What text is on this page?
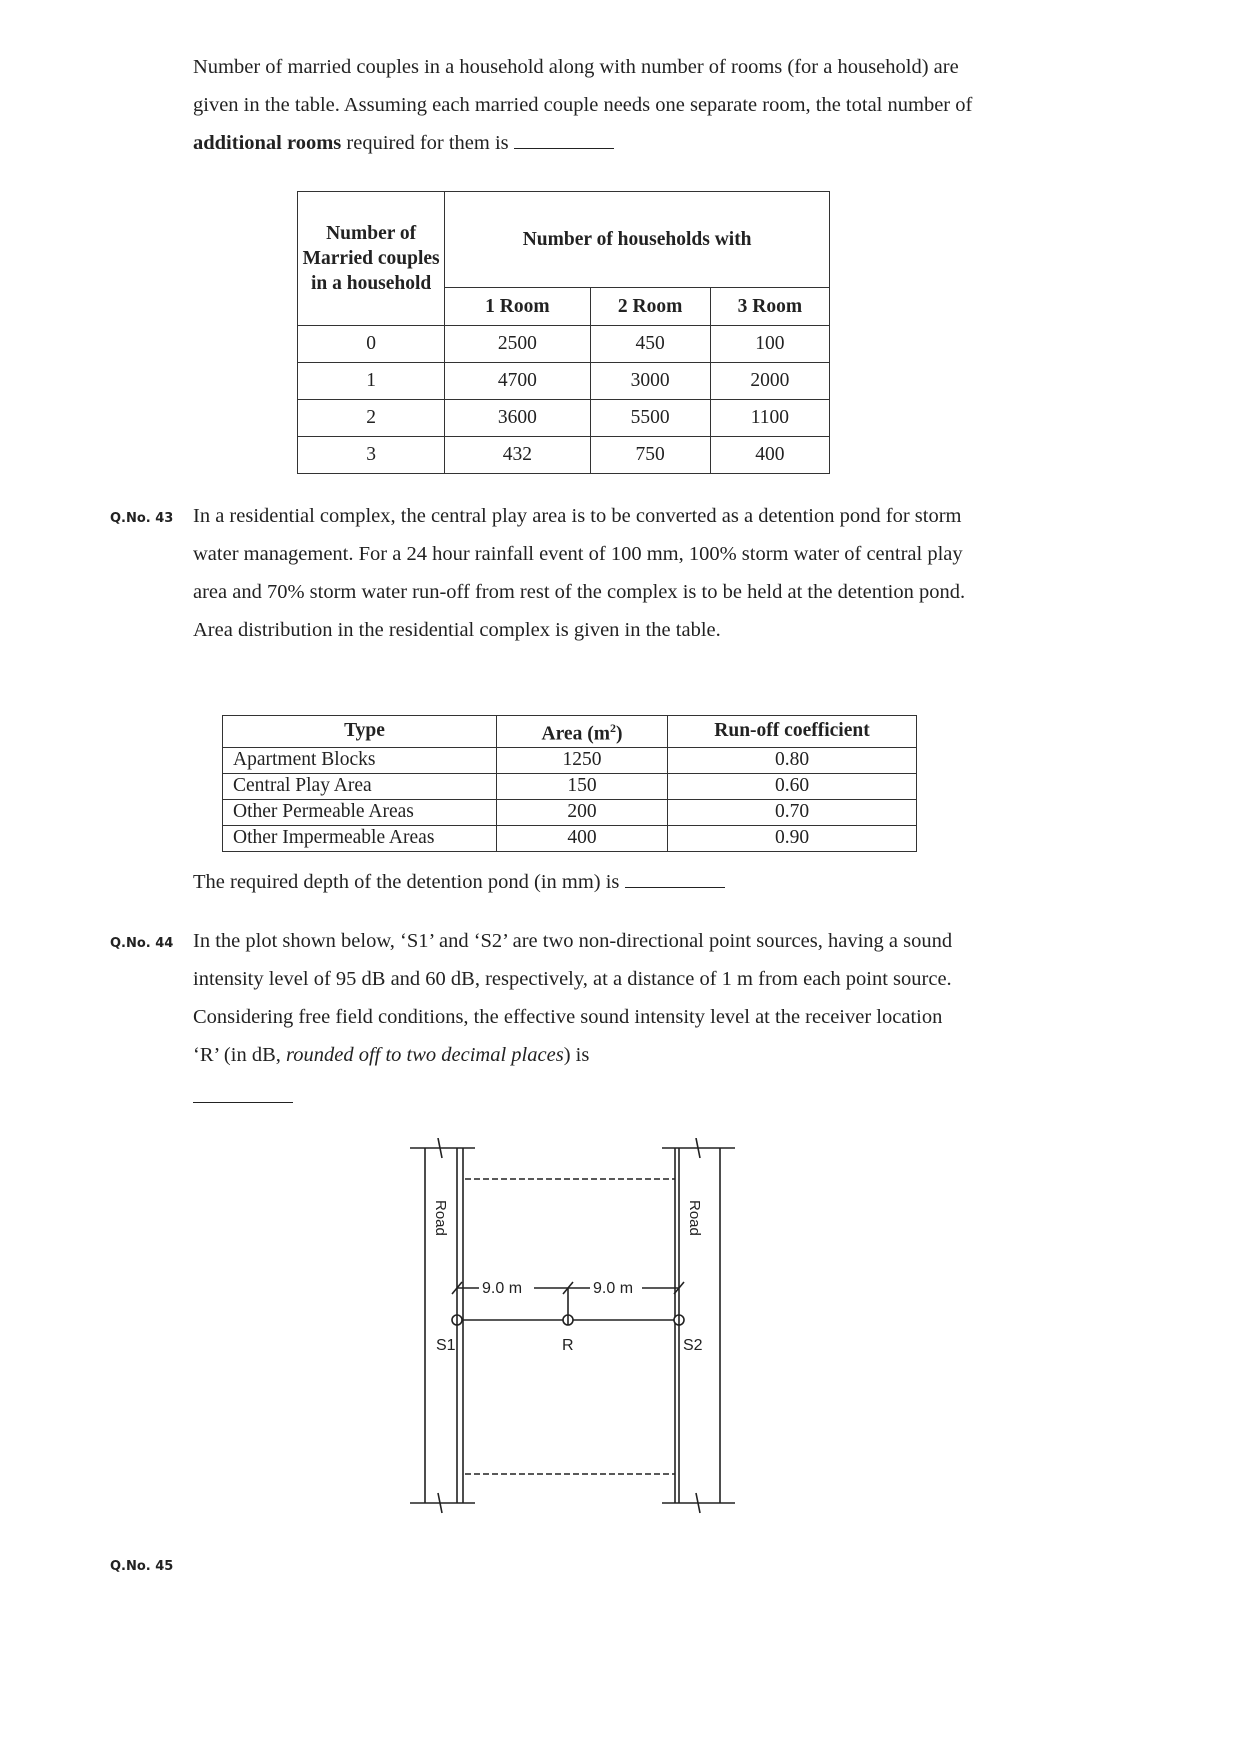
Number of married couples in a household along with number of rooms (for a household) are given in the table. Assuming each married couple needs one separate room, the total number of additional rooms required for them is

Number of Married couples in a household	Number of households with		
	1 Room	2 Room	3 Room
0	2500	450	100
1	4700	3000	2000
2	3600	5500	1100
3	432	750	400
Q.No. 43 In a residential complex, the central play area is to be converted as a detention pond for storm water management. For a 24 hour rainfall event of 100 mm, 100% storm water of central play area and 70% storm water run-off from rest of the complex is to be held at the detention pond. Area distribution in the residential complex is given in the table.

Type	Area $(m^2)$	Run-off coefficient
Apartment Blocks	1250	0.80
Central Play Area	150	0.60
Other Permeable Areas	200	0.70
Other Impermeable Areas	400	0.90

The required depth of the detention pond (in mm) is

Q.No. 44 In the plot shown below, ‘S1’ and ‘S2’ are two non-directional point sources, having a sound intensity level of 95 dB and 60 dB, respectively, at a distance of 1 m from each point source. Considering free field conditions, the effective sound intensity level at the receiver location ‘R’ (in dB, rounded off to two decimal places) is

Road	Road
9.0 m	9.0 m
S1	R	S2
Q.No. 45
